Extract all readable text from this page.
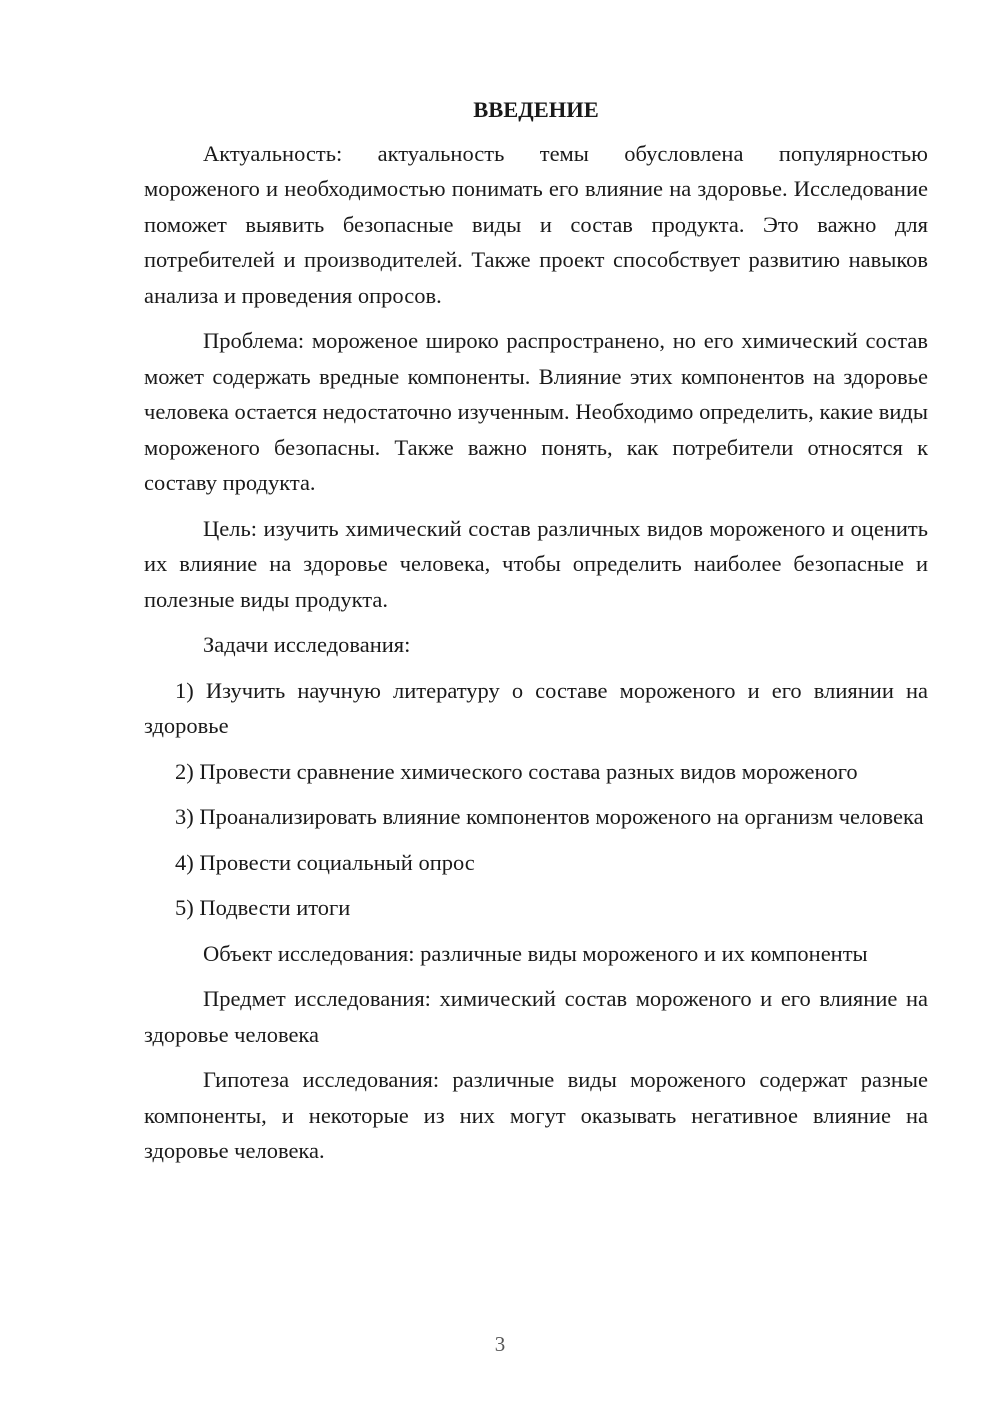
ВВЕДЕНИЕ

Актуальность: актуальность темы обусловлена популярностью мороженого и необходимостью понимать его влияние на здоровье. Исследование поможет выявить безопасные виды и состав продукта. Это важно для потребителей и производителей. Также проект способствует развитию навыков анализа и проведения опросов.

Проблема: мороженое широко распространено, но его химический состав может содержать вредные компоненты. Влияние этих компонентов на здоровье человека остается недостаточно изученным. Необходимо определить, какие виды мороженого безопасны. Также важно понять, как потребители относятся к составу продукта.

Цель: изучить химический состав различных видов мороженого и оценить их влияние на здоровье человека, чтобы определить наиболее безопасные и полезные виды продукта.

Задачи исследования:

1) Изучить научную литературу о составе мороженого и его влиянии на здоровье

2) Провести сравнение химического состава разных видов мороженого

3) Проанализировать влияние компонентов мороженого на организм человека

4) Провести социальный опрос

5) Подвести итоги

Объект исследования: различные виды мороженого и их компоненты

Предмет исследования: химический состав мороженого и его влияние на здоровье человека

Гипотеза исследования: различные виды мороженого содержат разные компоненты, и некоторые из них могут оказывать негативное влияние на здоровье человека.

3
